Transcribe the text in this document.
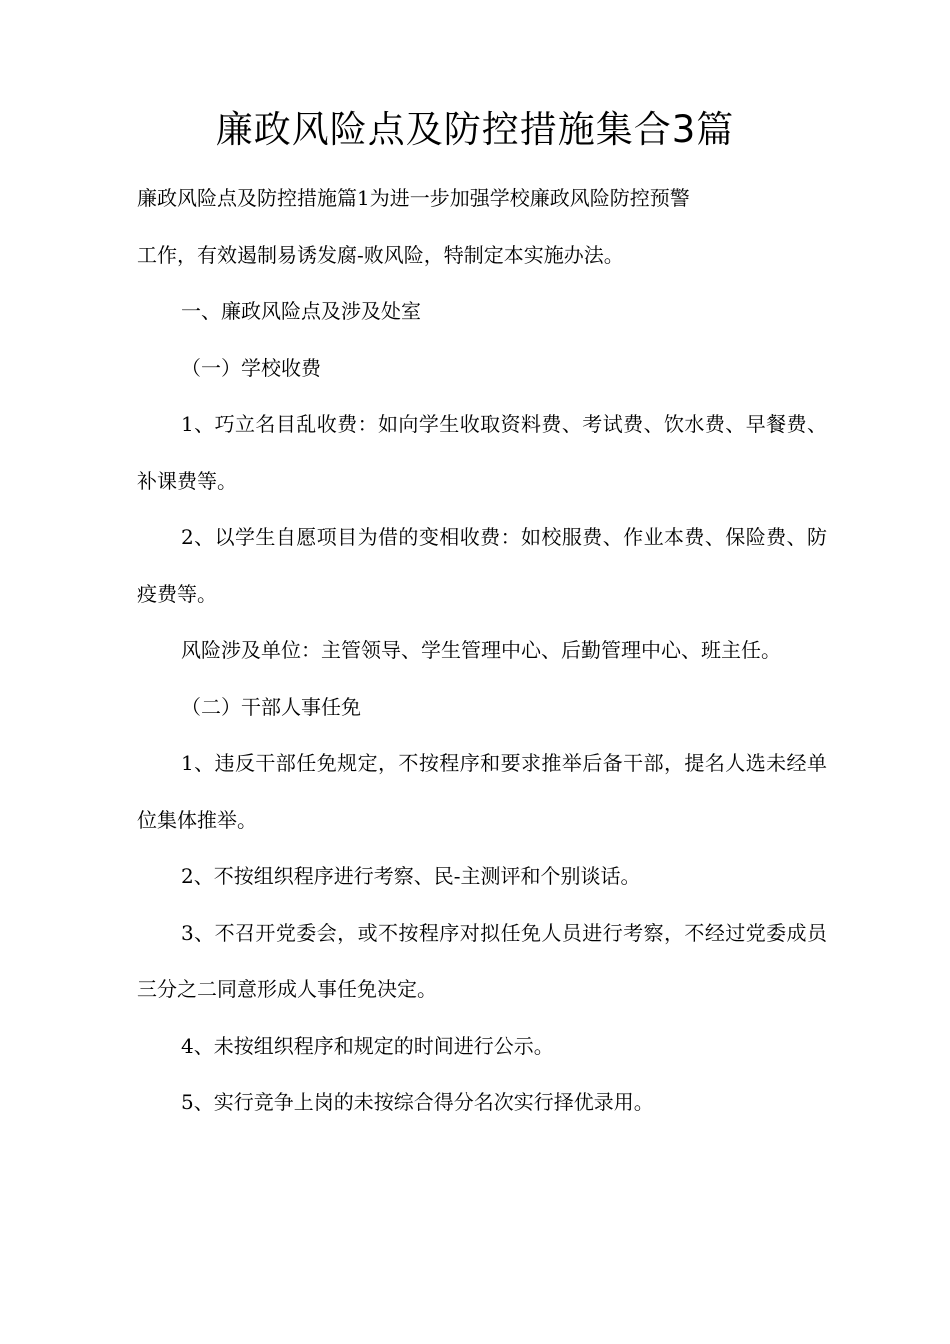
廉政风险点及防控措施集合3篇

廉政风险点及防控措施篇1为进一步加强学校廉政风险防控预警

工作，有效遏制易诱发腐-败风险，特制定本实施办法。

一、廉政风险点及涉及处室

（一）学校收费

1、巧立名目乱收费：如向学生收取资料费、考试费、饮水费、早餐费、补课费等。

2、以学生自愿项目为借的变相收费：如校服费、作业本费、保险费、防疫费等。

风险涉及单位：主管领导、学生管理中心、后勤管理中心、班主任。

（二）干部人事任免

1、违反干部任免规定，不按程序和要求推举后备干部，提名人选未经单位集体推举。

2、不按组织程序进行考察、民-主测评和个别谈话。

3、不召开党委会，或不按程序对拟任免人员进行考察，不经过党委成员三分之二同意形成人事任免决定。

4、未按组织程序和规定的时间进行公示。

5、实行竞争上岗的未按综合得分名次实行择优录用。
